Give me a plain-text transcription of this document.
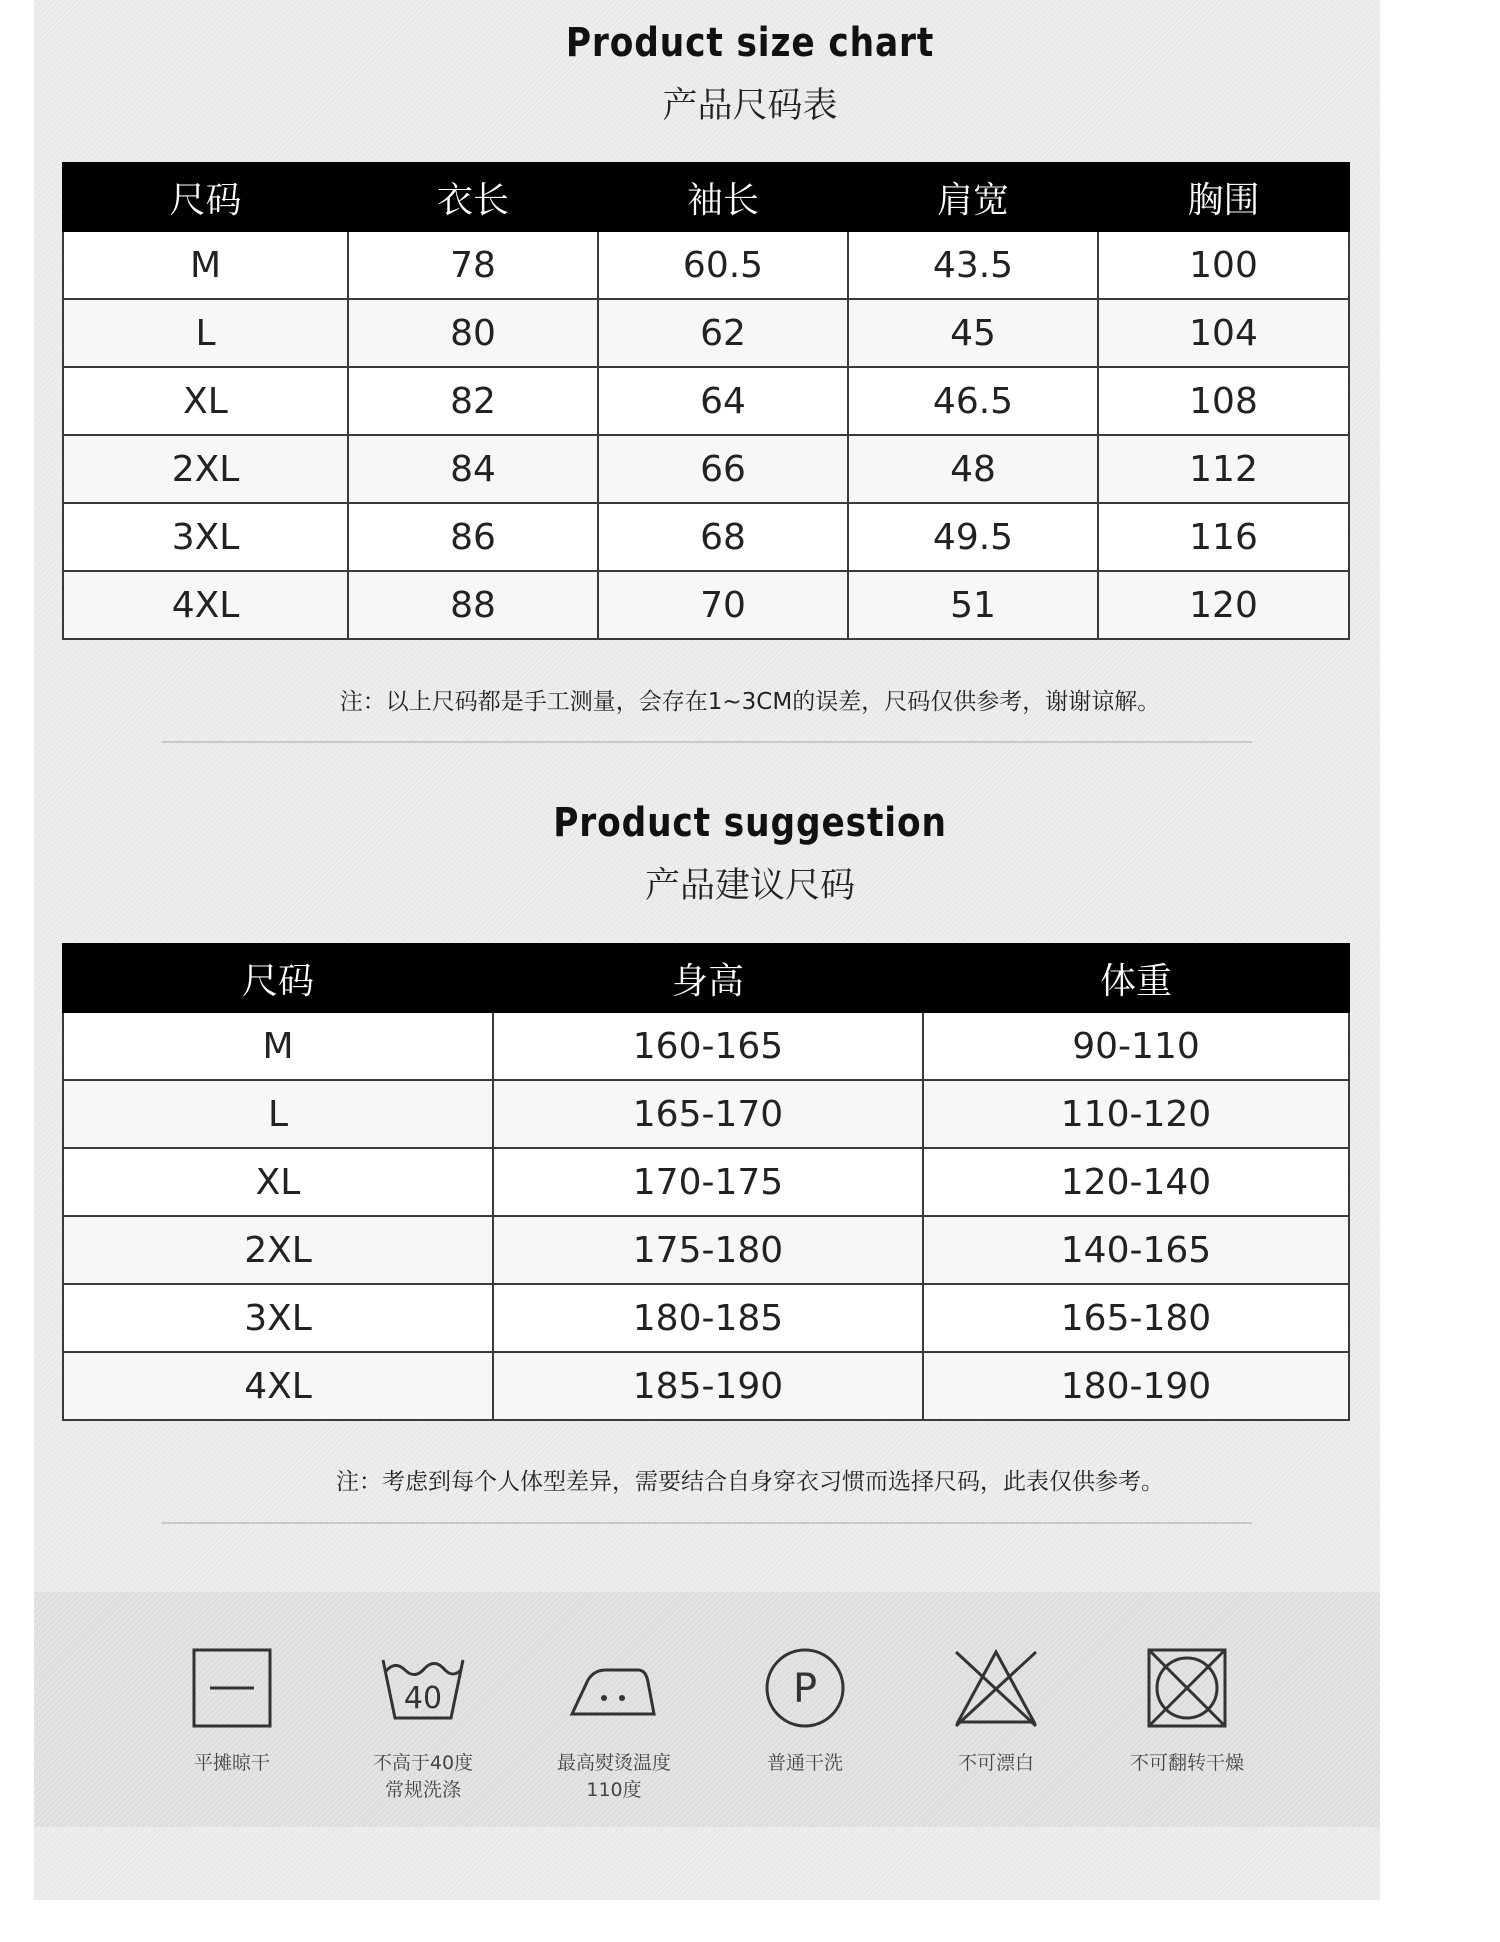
Product size chart
产品尺码表
尺码	衣长	袖长	肩宽	胸围
M	78	60.5	43.5	100
L	80	62	45	104
XL	82	64	46.5	108
2XL	84	66	48	112
3XL	86	68	49.5	116
4XL	88	70	51	120
注：以上尺码都是手工测量，会存在1~3CM的误差，尺码仅供参考，谢谢谅解。
Product suggestion
产品建议尺码
尺码	身高	体重
M	160-165	90-110
L	165-170	110-120
XL	170-175	120-140
2XL	175-180	140-165
3XL	180-185	165-180
4XL	185-190	180-190
注：考虑到每个人体型差异，需要结合自身穿衣习惯而选择尺码，此表仅供参考。
平摊晾干
40
不高于40度
常规洗涤
最高熨烫温度
110度
P
普通干洗	不可漂白	不可翻转干燥
